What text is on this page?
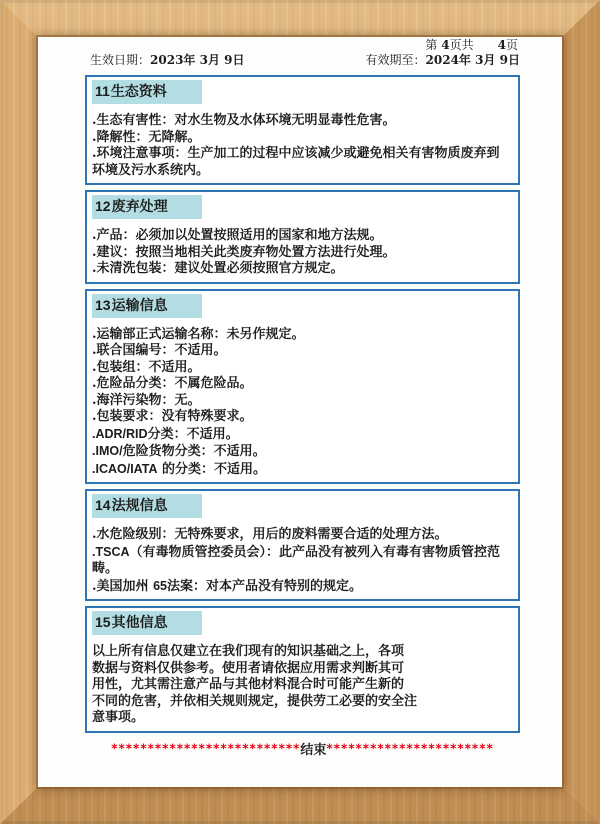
第 4页共　　4页
生效日期：2023年 3月 9日	有效期至：2024年 3月 9日
11生态资料

.生态有害性：对水生物及水体环境无明显毒性危害。

.降解性：无降解。

.环境注意事项：生产加工的过程中应该减少或避免相关有害物质废弃到环境及污水系统内。

12废弃处理

.产品：必须加以处置按照适用的国家和地方法规。

.建议：按照当地相关此类废弃物处置方法进行处理。

.未清洗包装：建议处置必须按照官方规定。

13运输信息

.运输部正式运输名称：未另作规定。

.联合国编号：不适用。

.包装组：不适用。

.危险品分类：不属危险品。

.海洋污染物：无。

.包装要求：没有特殊要求。

.ADR/RID分类：不适用。

.IMO/危险货物分类：不适用。

.ICAO/IATA 的分类：不适用。

14法规信息

.水危险级别：无特殊要求，用后的废料需要合适的处理方法。

.TSCA（有毒物质管控委员会）：此产品没有被列入有毒有害物质管控范畴。

.美国加州 65法案：对本产品没有特别的规定。

15其他信息

以上所有信息仅建立在我们现有的知识基础之上，各项

数据与资料仅供参考。使用者请依据应用需求判断其可

用性，尤其需注意产品与其他材料混合时可能产生新的

不同的危害，并依相关规则规定，提供劳工必要的安全注

意事项。

**************************结束***********************
